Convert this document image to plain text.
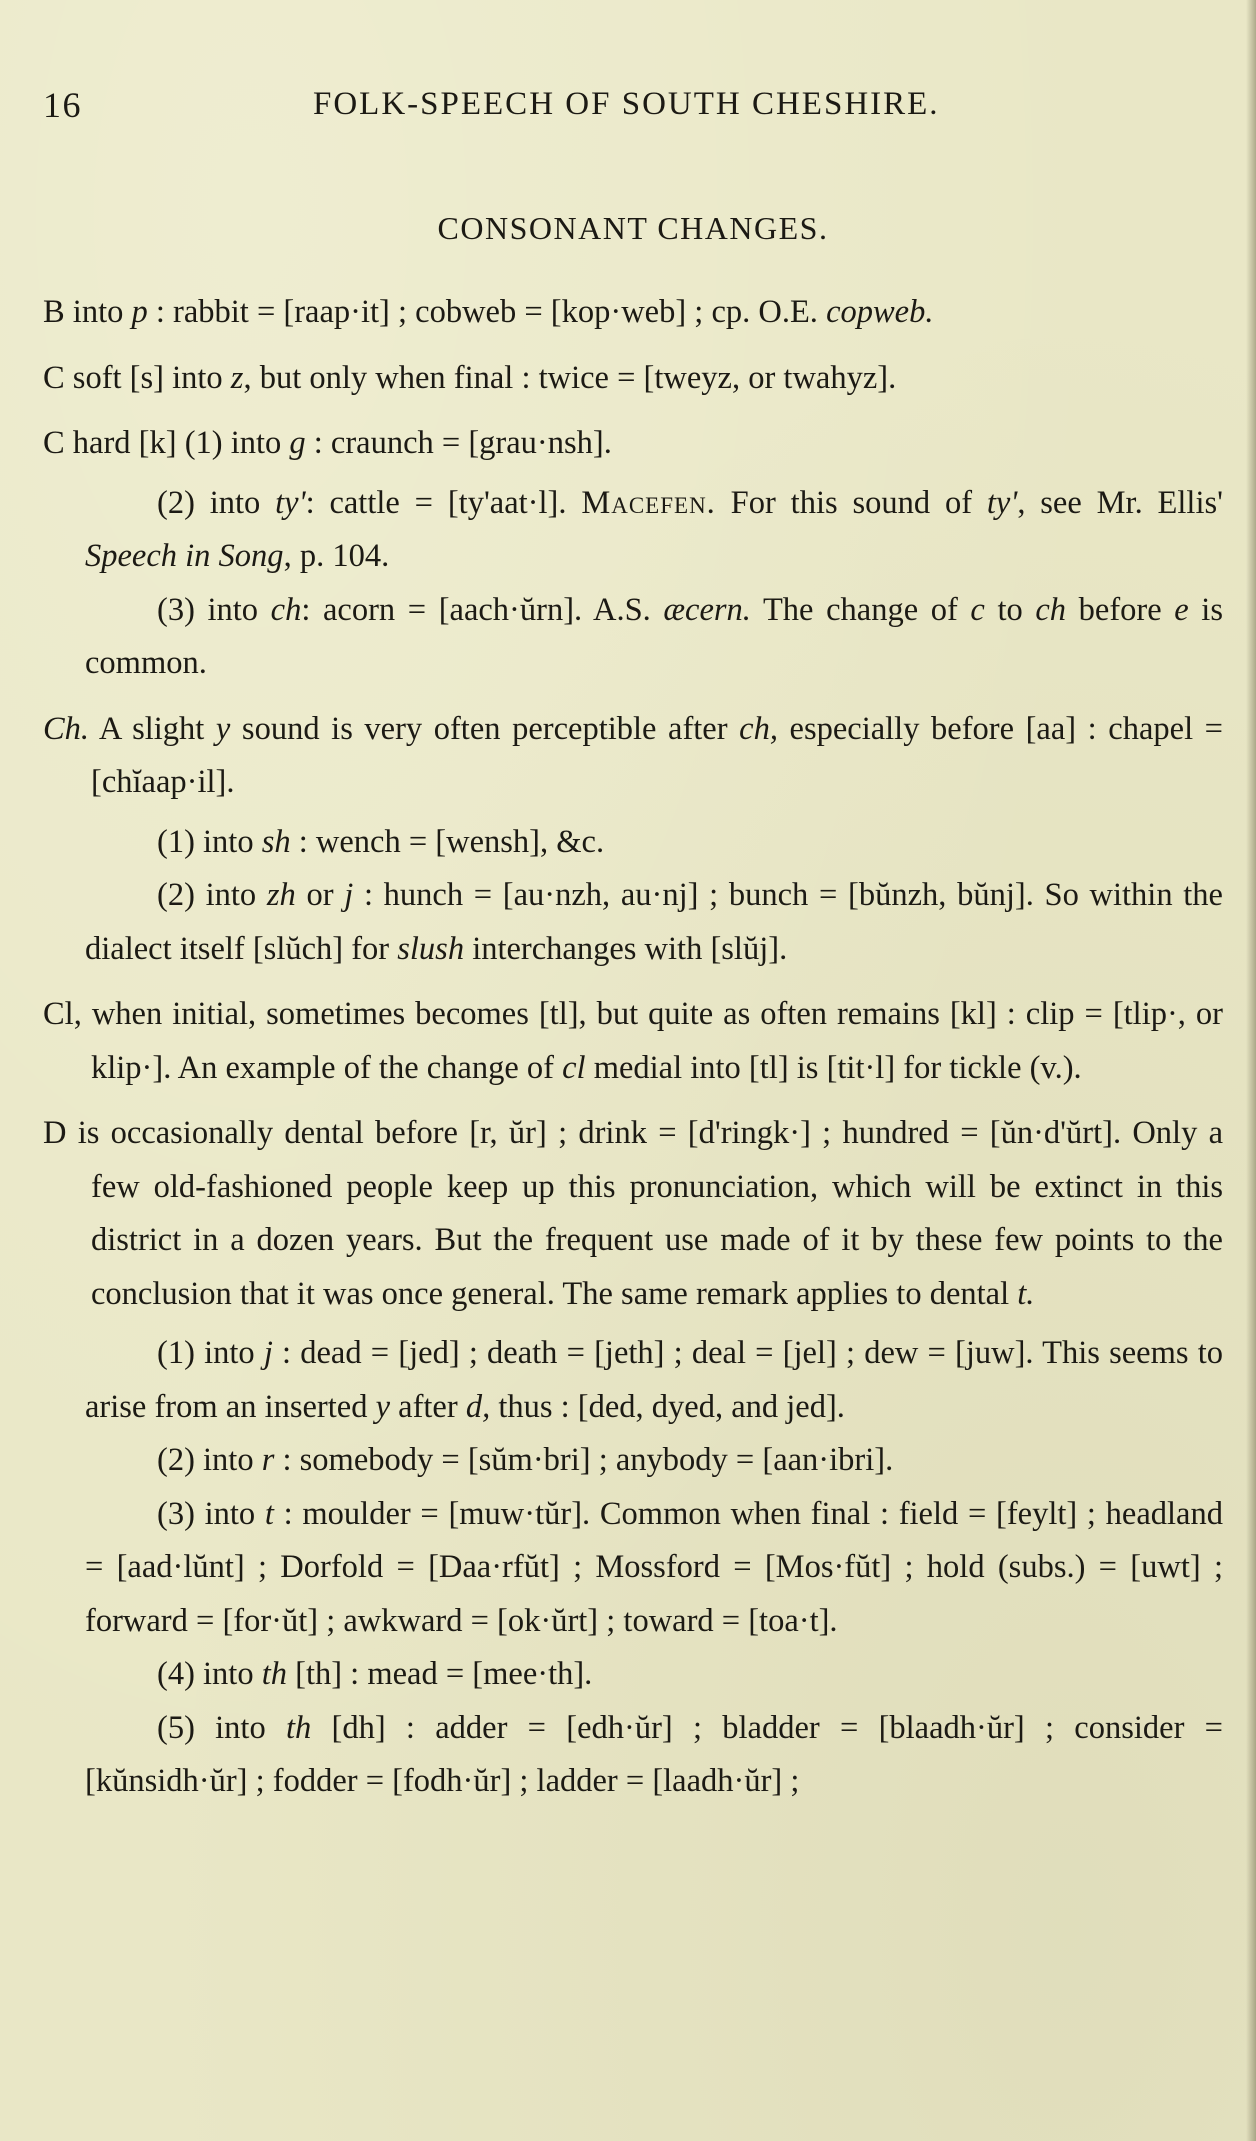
16	FOLK-SPEECH OF SOUTH CHESHIRE.
CONSONANT CHANGES.

B into p : rabbit = [raap·it] ; cobweb = [kop·web] ; cp. O.E. copweb.

C soft [s] into z, but only when final : twice = [tweyz, or twahyz].

C hard [k] (1) into g : craunch = [grau·nsh].

(2) into ty': cattle = [ty'aat·l]. Macefen. For this sound of ty', see Mr. Ellis' Speech in Song, p. 104.

(3) into ch: acorn = [aach·ŭrn]. A.S. æcern. The change of c to ch before e is common.

Ch. A slight y sound is very often perceptible after ch, especially before [aa] : chapel = [chĭaap·il].

(1) into sh : wench = [wensh], &c.

(2) into zh or j : hunch = [au·nzh, au·nj] ; bunch = [bŭnzh, bŭnj]. So within the dialect itself [slŭch] for slush interchanges with [slŭj].

Cl, when initial, sometimes becomes [tl], but quite as often remains [kl] : clip = [tlip·, or klip·]. An example of the change of cl medial into [tl] is [tit·l] for tickle (v.).

D is occasionally dental before [r, ŭr] ; drink = [d'ringk·] ; hundred = [ŭn·d'ŭrt]. Only a few old-fashioned people keep up this pronunciation, which will be extinct in this district in a dozen years. But the frequent use made of it by these few points to the conclusion that it was once general. The same remark applies to dental t.

(1) into j : dead = [jed] ; death = [jeth] ; deal = [jel] ; dew = [juw]. This seems to arise from an inserted y after d, thus : [ded, dyed, and jed].

(2) into r : somebody = [sŭm·bri] ; anybody = [aan·ibri].

(3) into t : moulder = [muw·tŭr]. Common when final : field = [feylt] ; headland = [aad·lŭnt] ; Dorfold = [Daa·rfŭt] ; Mossford = [Mos·fŭt] ; hold (subs.) = [uwt] ; forward = [for·ŭt] ; awkward = [ok·ŭrt] ; toward = [toa·t].

(4) into th [th] : mead = [mee·th].

(5) into th [dh] : adder = [edh·ŭr] ; bladder = [blaadh·ŭr] ; consider = [kŭnsidh·ŭr] ; fodder = [fodh·ŭr] ; ladder = [laadh·ŭr] ;
